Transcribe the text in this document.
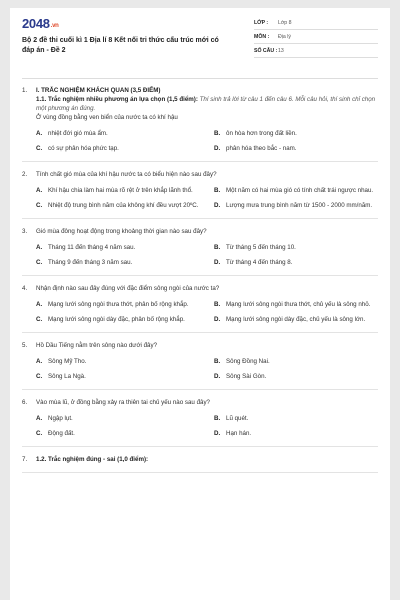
2048.vn
Bộ 2 đề thi cuối kì 1 Địa lí 8 Kết nối tri thức cấu trúc mới có đáp án - Đề 2
LỚP :	Lớp 8
MÔN :	Địa lý
SỐ CÂU : 13
1.	I. TRẮC NGHIỆM KHÁCH QUAN (3,5 ĐIỂM)
1.1. Trắc nghiệm nhiều phương án lựa chọn (1,5 điểm): Thí sinh trả lời từ câu 1 đến câu 6. Mỗi câu hỏi, thí sinh chỉ chọn một phương án đúng.
Ở vùng đồng bằng ven biển của nước ta có khí hậu
A. nhiệt đới gió mùa ẩm.	B. ôn hòa hơn trong đất liền.
C. có sự phân hóa phức tạp.	D. phân hóa theo bắc - nam.
2.	Tính chất gió mùa của khí hậu nước ta có biểu hiện nào sau đây?
A. Khí hậu chia làm hai mùa rõ rệt ở trên khắp lãnh thổ.	B. Một năm có hai mùa gió có tính chất trái ngược nhau.
C. Nhiệt độ trung bình năm của không khí đều vượt 20ºC.	D. Lượng mưa trung bình năm từ 1500 - 2000 mm/năm.
3.	Gió mùa đông hoạt động trong khoảng thời gian nào sau đây?
A. Tháng 11 đến tháng 4 năm sau.	B. Từ tháng 5 đến tháng 10.
C. Tháng 9 đến tháng 3 năm sau.	D. Từ tháng 4 đến tháng 8.
4.	Nhận định nào sau đây đúng với đặc điểm sông ngòi của nước ta?
A. Mạng lưới sông ngòi thưa thớt, phân bố rộng khắp.	B. Mạng lưới sông ngòi thưa thớt, chủ yếu là sông nhỏ.
C. Mạng lưới sông ngòi dày đặc, phân bố rộng khắp.	D. Mạng lưới sông ngòi dày đặc, chủ yếu là sông lớn.
5.	Hồ Dầu Tiếng nằm trên sông nào dưới đây?
A. Sông Mỹ Tho.	B. Sông Đồng Nai.
C. Sông La Ngà.	D. Sông Sài Gòn.
6.	Vào mùa lũ, ở đồng bằng xảy ra thiên tai chủ yếu nào sau đây?
A. Ngập lụt.	B. Lũ quét.
C. Động đất.	D. Hạn hán.
7.	1.2. Trắc nghiệm đúng - sai (1,0 điểm):
